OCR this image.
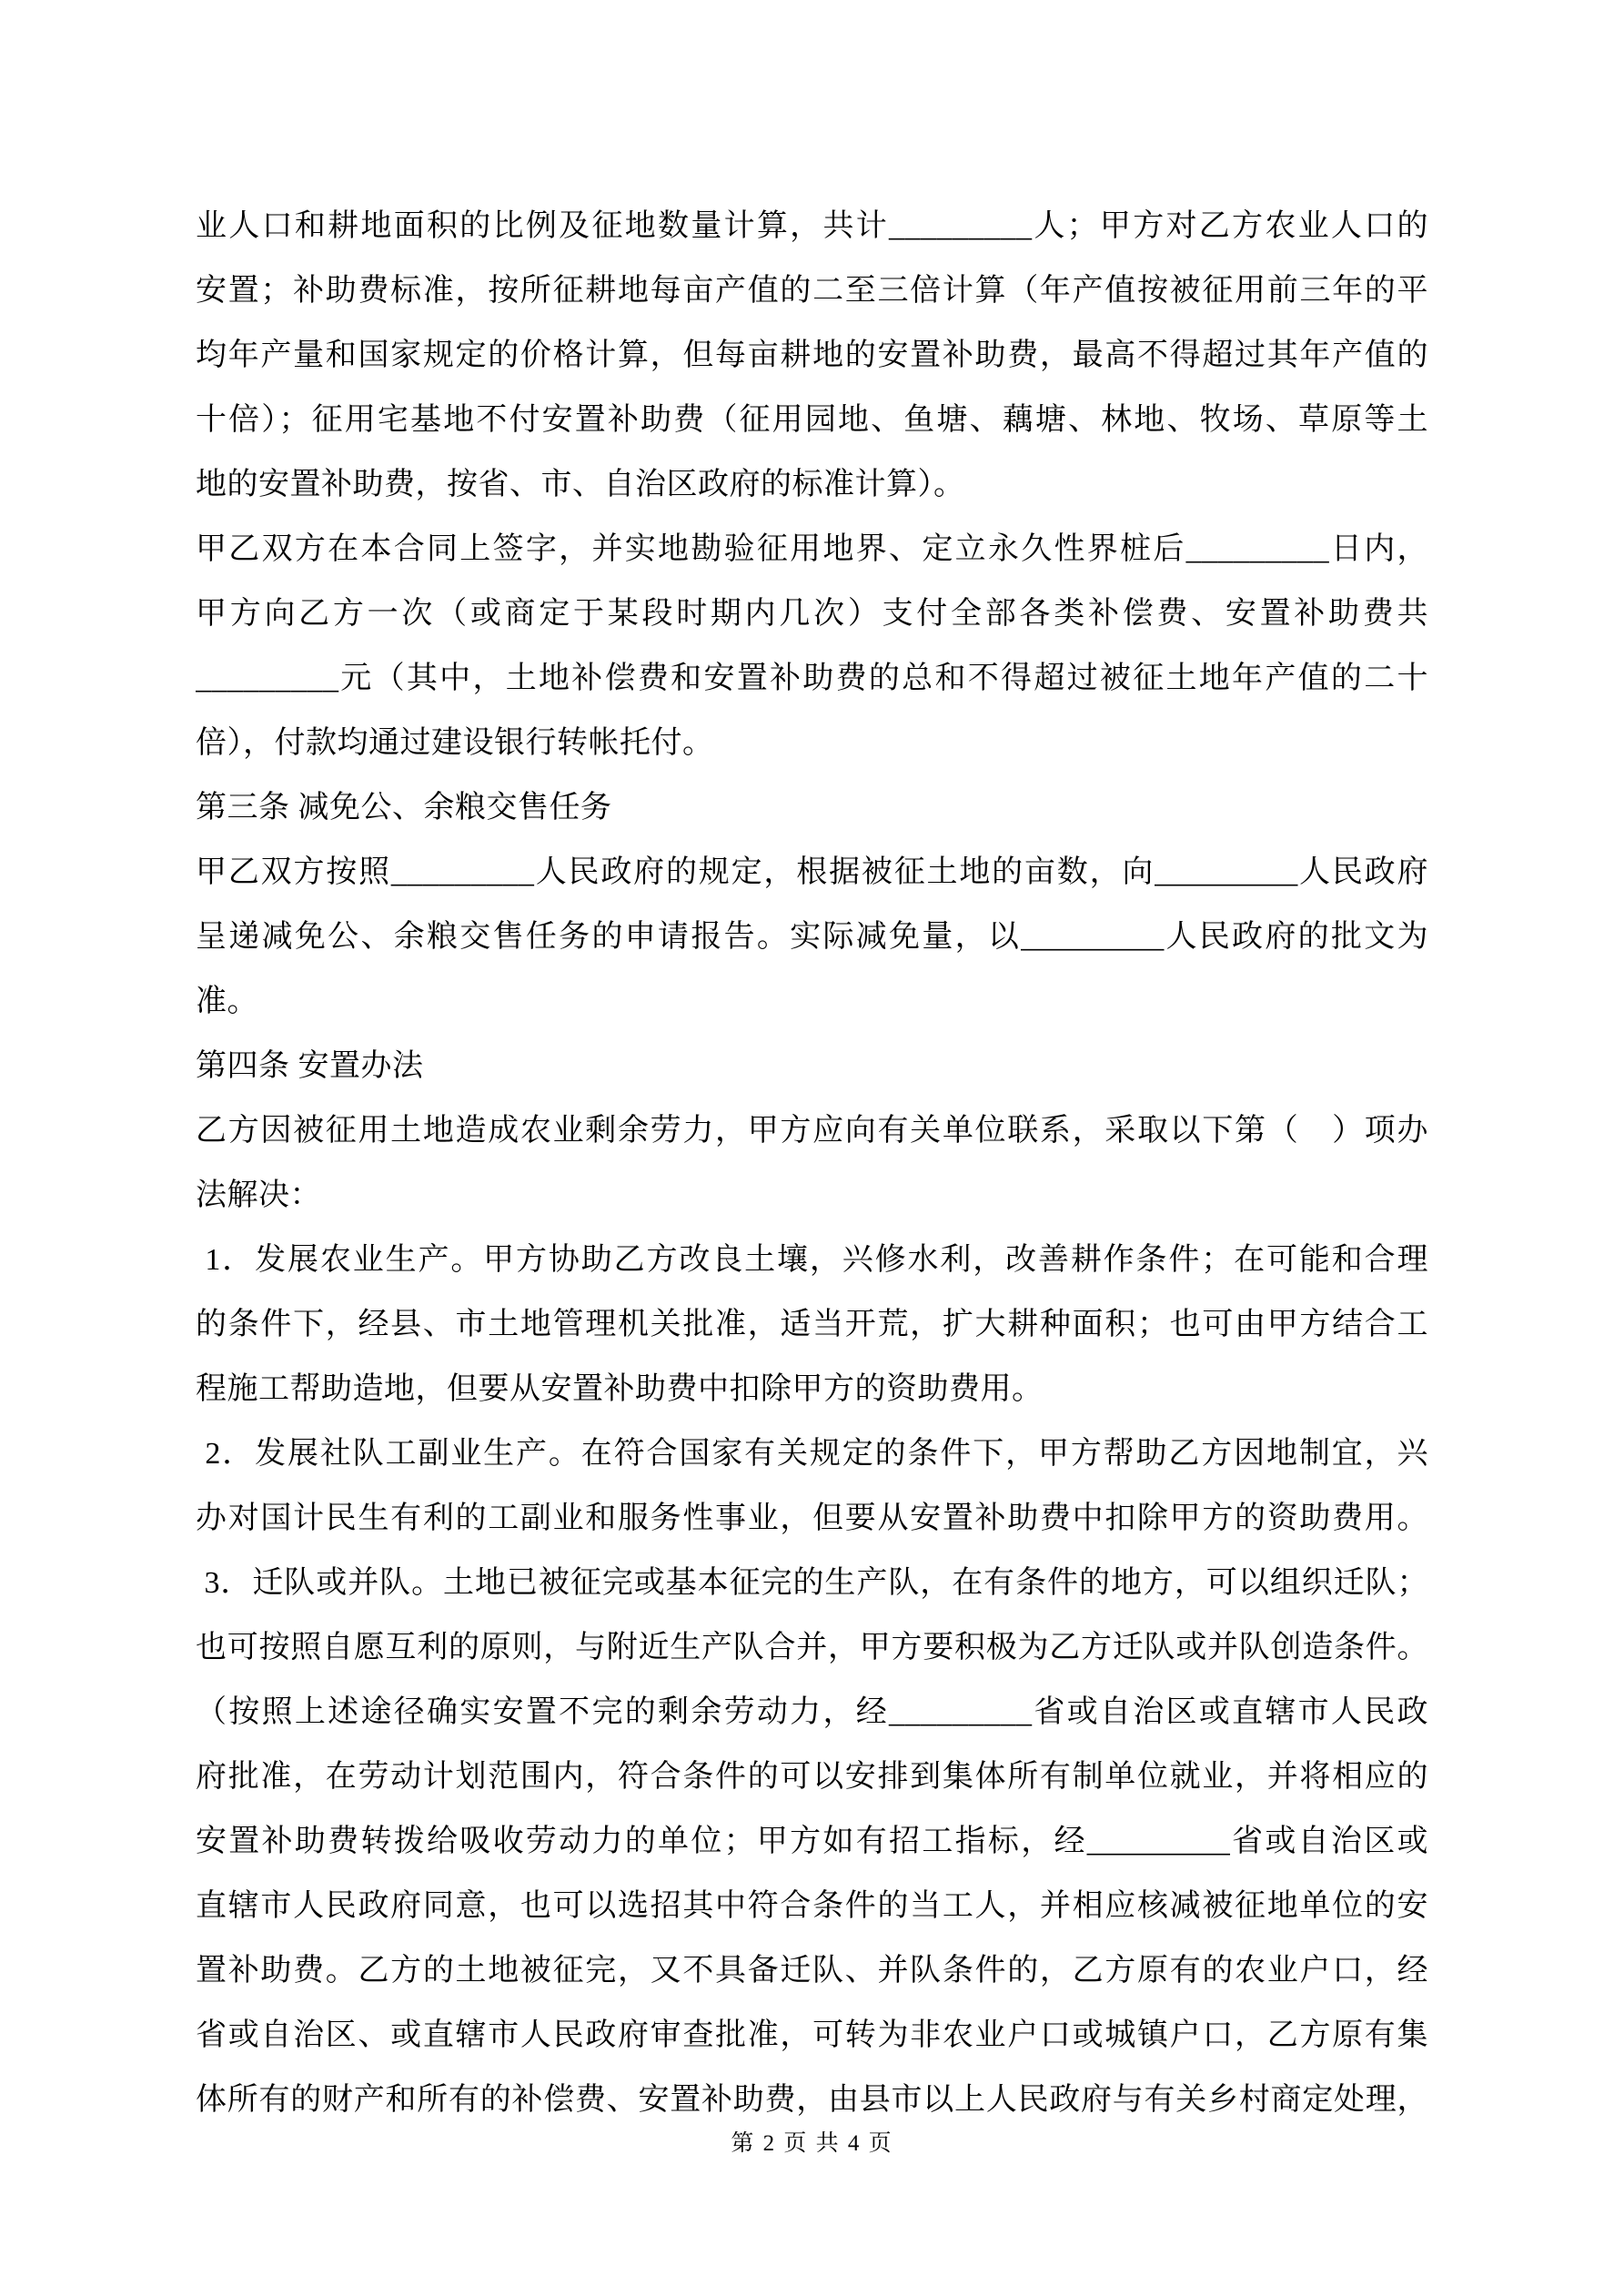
业人口和耕地面积的比例及征地数量计算，共计_________人；甲方对乙方农业人口的
安置；补助费标准，按所征耕地每亩产值的二至三倍计算（年产值按被征用前三年的平
均年产量和国家规定的价格计算，但每亩耕地的安置补助费，最高不得超过其年产值的
十倍）；征用宅基地不付安置补助费（征用园地、鱼塘、藕塘、林地、牧场、草原等土
地的安置补助费，按省、市、自治区政府的标准计算）。
甲乙双方在本合同上签字，并实地勘验征用地界、定立永久性界桩后_________日内，
甲方向乙方一次（或商定于某段时期内几次）支付全部各类补偿费、安置补助费共
_________元（其中，土地补偿费和安置补助费的总和不得超过被征土地年产值的二十
倍），付款均通过建设银行转帐托付。
第三条 减免公、余粮交售任务
甲乙双方按照_________人民政府的规定，根据被征土地的亩数，向_________人民政府
呈递减免公、余粮交售任务的申请报告。实际减免量，以_________人民政府的批文为
准。
第四条 安置办法
乙方因被征用土地造成农业剩余劳力，甲方应向有关单位联系，采取以下第（　）项办
法解决：
1．发展农业生产。甲方协助乙方改良土壤，兴修水利，改善耕作条件；在可能和合理
的条件下，经县、市土地管理机关批准，适当开荒，扩大耕种面积；也可由甲方结合工
程施工帮助造地，但要从安置补助费中扣除甲方的资助费用。
2．发展社队工副业生产。在符合国家有关规定的条件下，甲方帮助乙方因地制宜，兴
办对国计民生有利的工副业和服务性事业，但要从安置补助费中扣除甲方的资助费用。
3．迁队或并队。土地已被征完或基本征完的生产队，在有条件的地方，可以组织迁队；
也可按照自愿互利的原则，与附近生产队合并，甲方要积极为乙方迁队或并队创造条件。
（按照上述途径确实安置不完的剩余劳动力，经_________省或自治区或直辖市人民政
府批准，在劳动计划范围内，符合条件的可以安排到集体所有制单位就业，并将相应的
安置补助费转拨给吸收劳动力的单位；甲方如有招工指标，经_________省或自治区或
直辖市人民政府同意，也可以选招其中符合条件的当工人，并相应核减被征地单位的安
置补助费。乙方的土地被征完，又不具备迁队、并队条件的，乙方原有的农业户口，经
省或自治区、或直辖市人民政府审查批准，可转为非农业户口或城镇户口，乙方原有集
体所有的财产和所有的补偿费、安置补助费，由县市以上人民政府与有关乡村商定处理，
第 2 页 共 4 页
